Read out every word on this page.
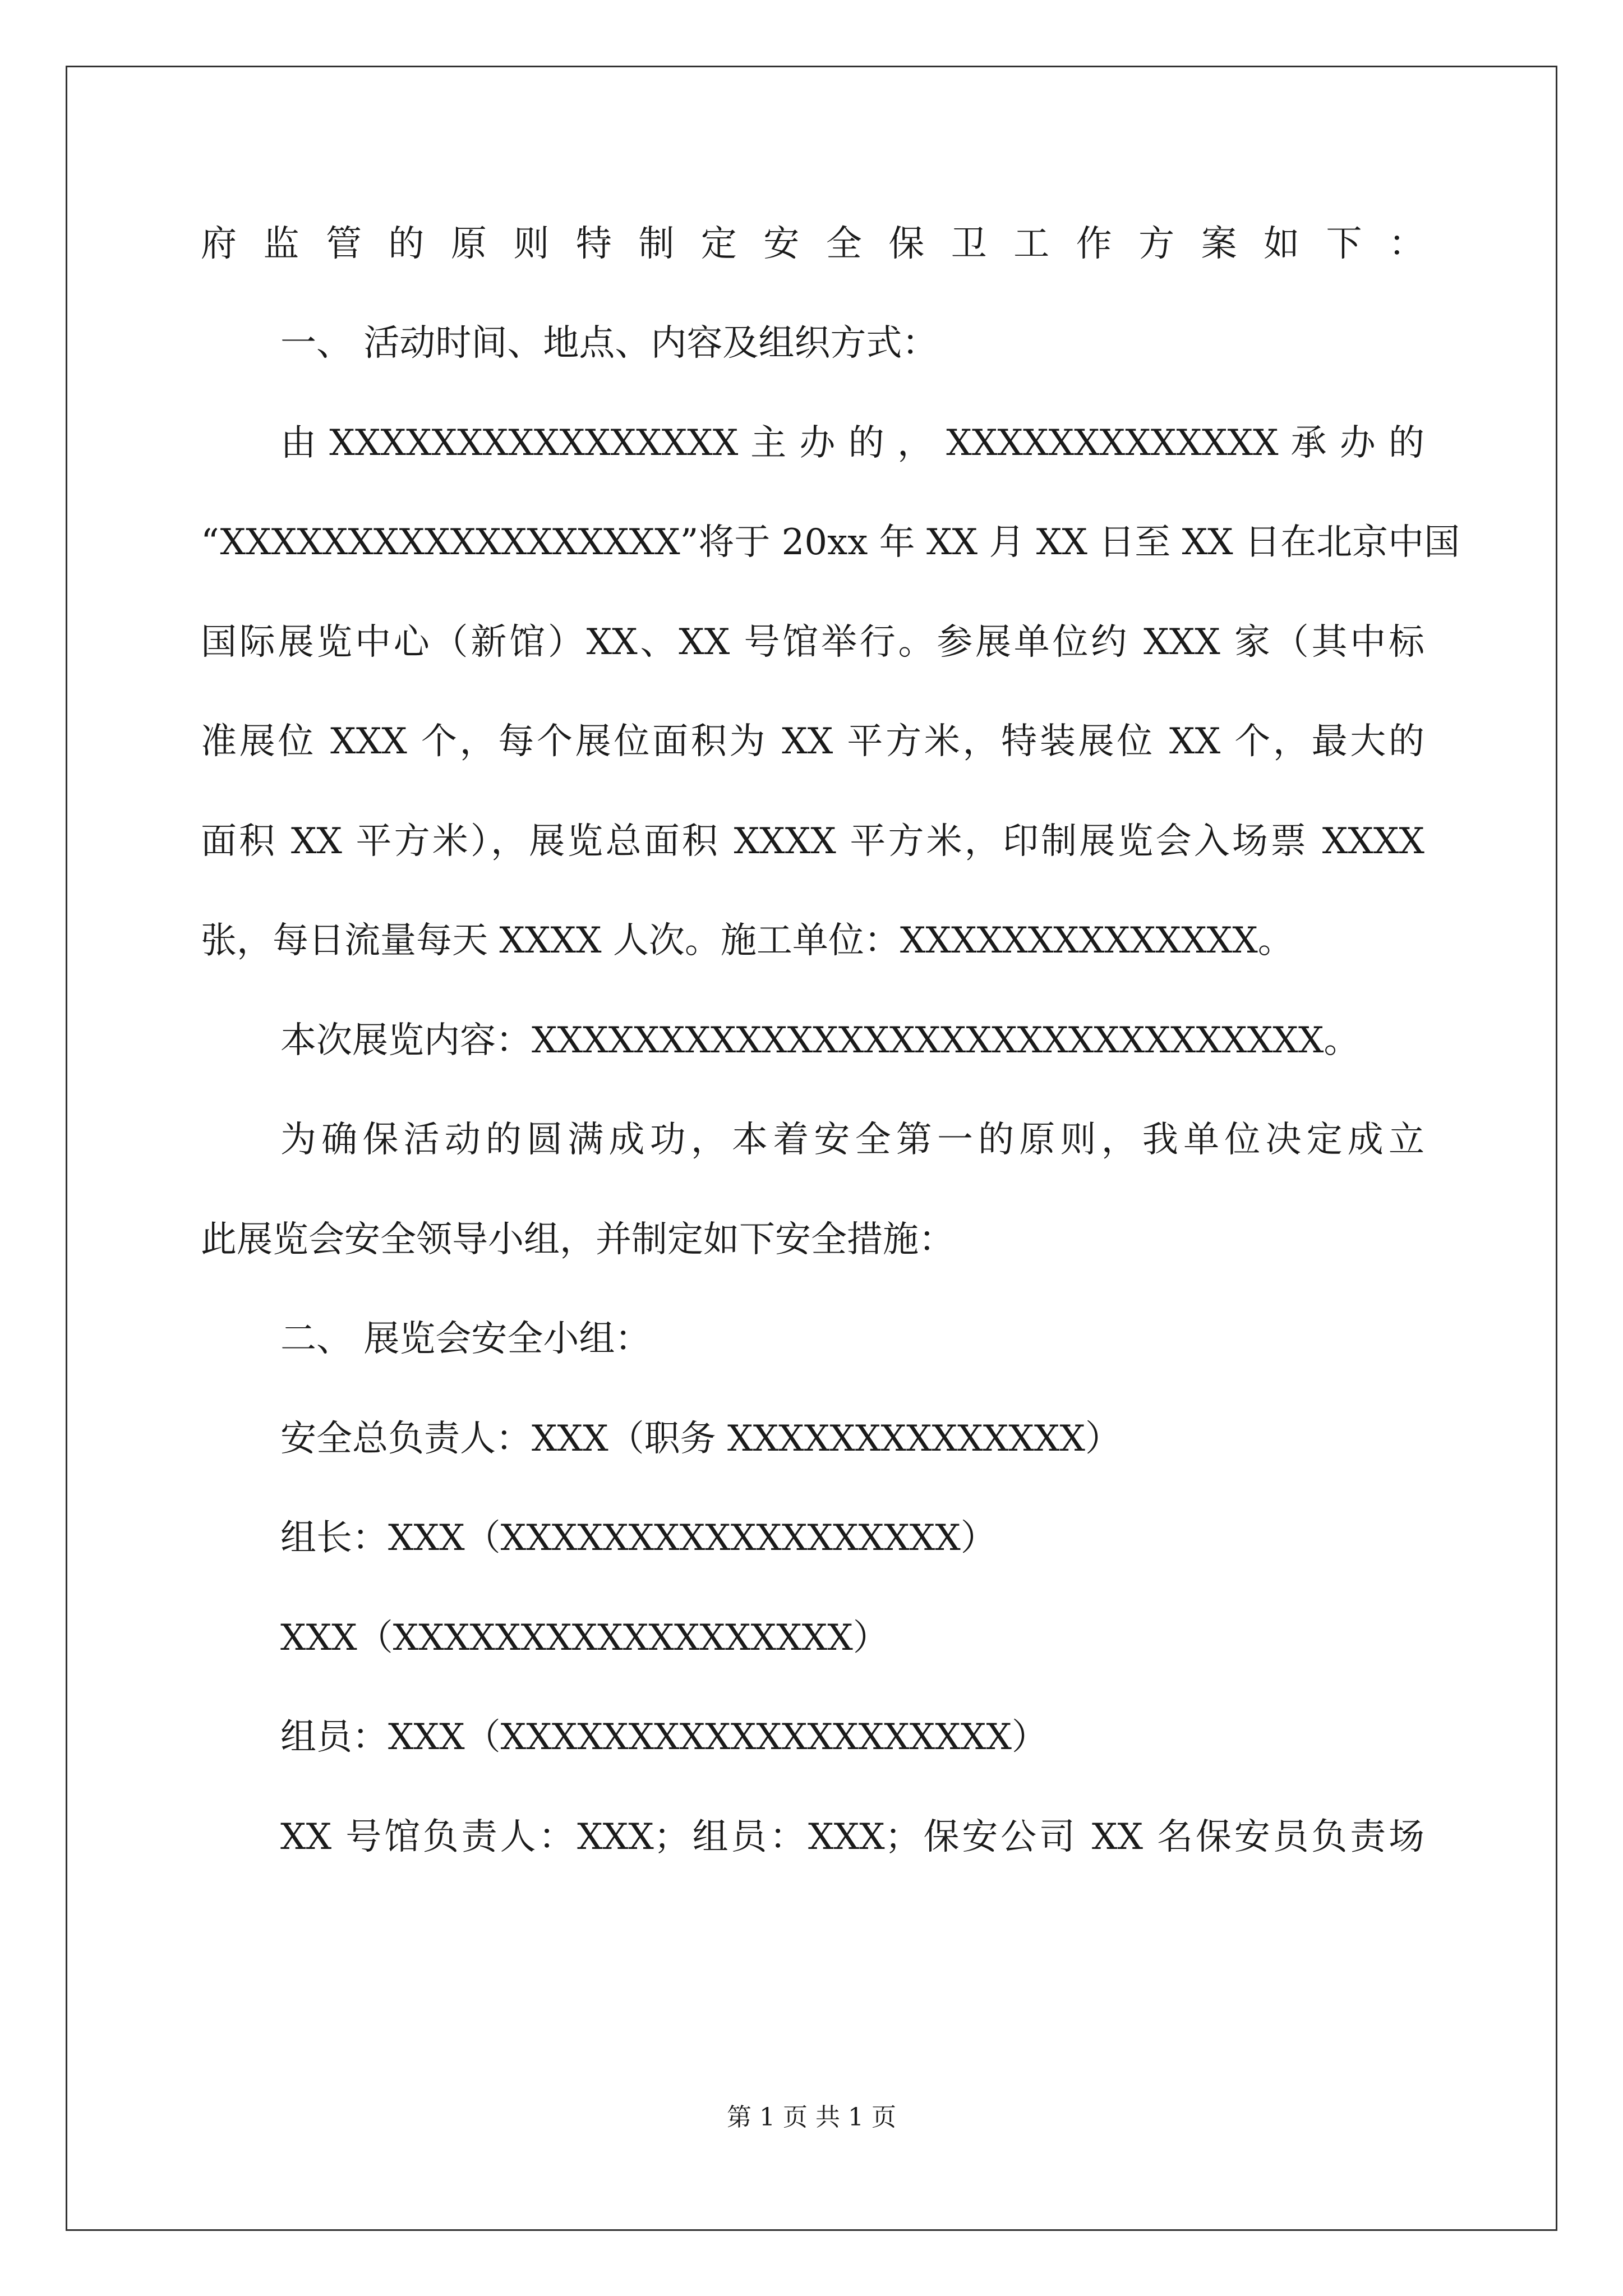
府监管的原则特制定安全保卫工作方案如下：
一、 活动时间、地点、内容及组织方式：
由 XXXXXXXXXXXXXXXX 主 办 的 ， XXXXXXXXXXXXX 承 办 的
“XXXXXXXXXXXXXXXXXX”将于 20xx 年 XX 月 XX 日至 XX 日在北京中国
国际展览中心（新馆）XX、XX 号馆举行。参展单位约 XXX 家（其中标
准展位 XXX 个，每个展位面积为 XX 平方米，特装展位 XX 个，最大的
面积 XX 平方米），展览总面积 XXXX 平方米，印制展览会入场票 XXXX
张，每日流量每天 XXXX 人次。施工单位：XXXXXXXXXXXXXX。
本次展览内容：XXXXXXXXXXXXXXXXXXXXXXXXXXXXXXX。
为确保活动的圆满成功，本着安全第一的原则，我单位决定成立
此展览会安全领导小组，并制定如下安全措施：
二、 展览会安全小组：
安全总负责人：XXX（职务 XXXXXXXXXXXXXX）
组长：XXX（XXXXXXXXXXXXXXXXXX）
XXX（XXXXXXXXXXXXXXXXXX）
组员：XXX（XXXXXXXXXXXXXXXXXXXX）
XX 号馆负责人：XXX；组员：XXX；保安公司 XX 名保安员负责场
第 1 页 共 1 页
